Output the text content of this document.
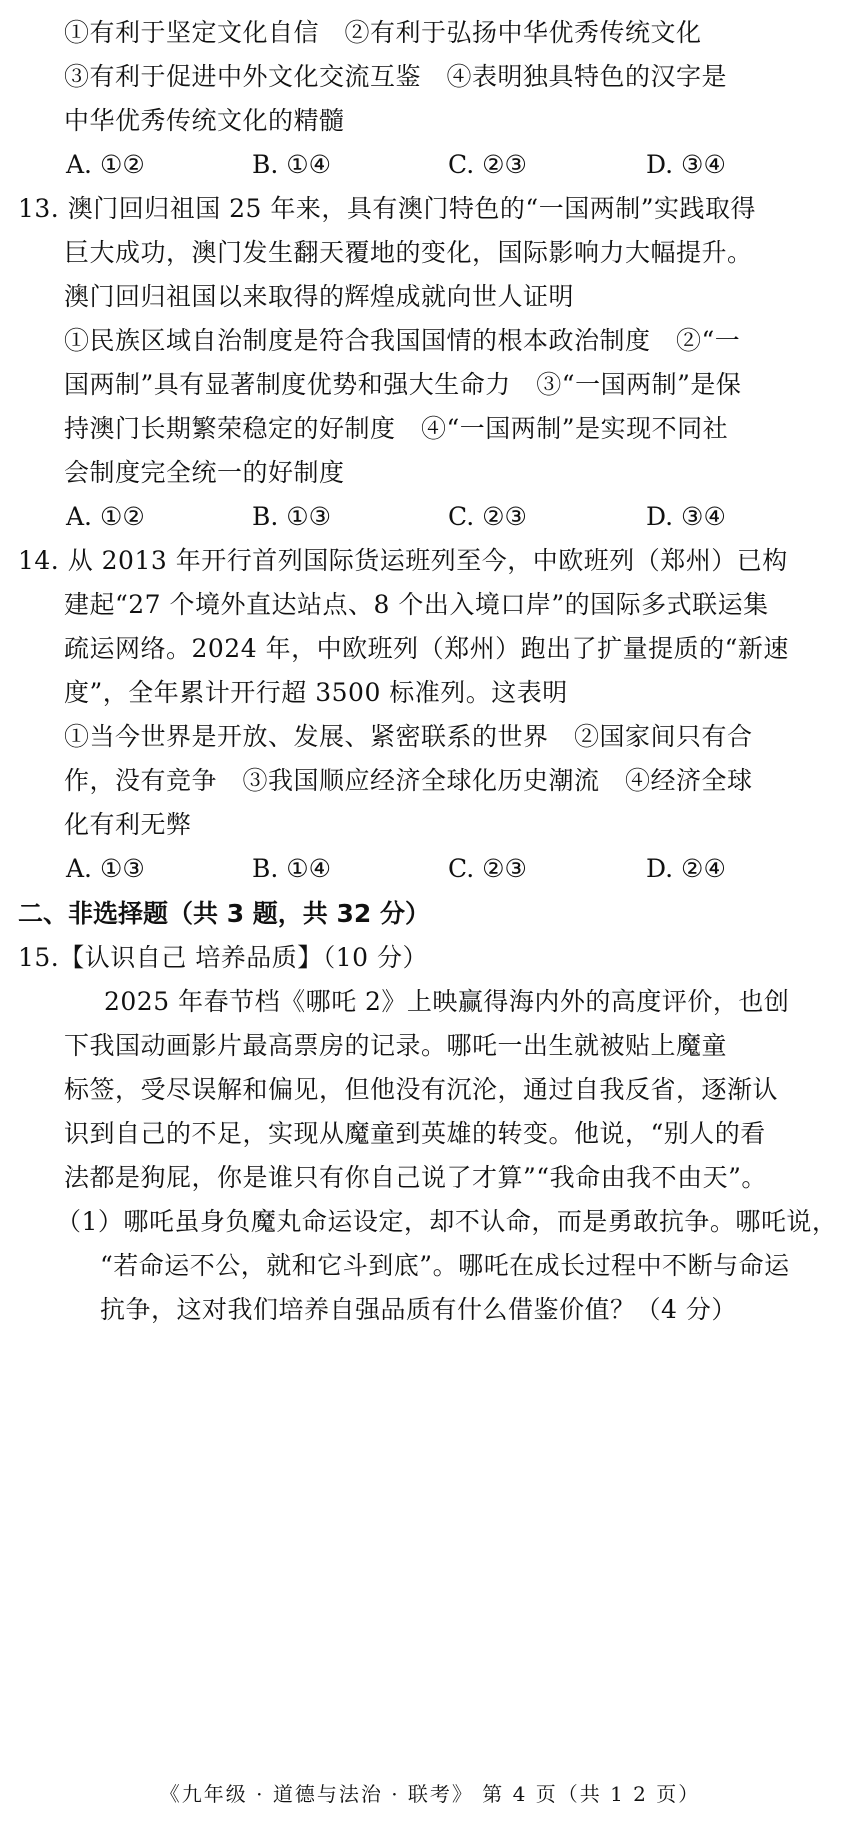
①有利于坚定文化自信　②有利于弘扬中华优秀传统文化
③有利于促进中外文化交流互鉴　④表明独具特色的汉字是
中华优秀传统文化的精髓
A. ①②	B. ①④	C. ②③	D. ③④
13. 澳门回归祖国 25 年来，具有澳门特色的“一国两制”实践取得
巨大成功，澳门发生翻天覆地的变化，国际影响力大幅提升。
澳门回归祖国以来取得的辉煌成就向世人证明
①民族区域自治制度是符合我国国情的根本政治制度　②“一
国两制”具有显著制度优势和强大生命力　③“一国两制”是保
持澳门长期繁荣稳定的好制度　④“一国两制”是实现不同社
会制度完全统一的好制度
A. ①②	B. ①③	C. ②③	D. ③④
14. 从 2013 年开行首列国际货运班列至今，中欧班列（郑州）已构
建起“27 个境外直达站点、8 个出入境口岸”的国际多式联运集
疏运网络。2024 年，中欧班列（郑州）跑出了扩量提质的“新速
度”，全年累计开行超 3500 标准列。这表明
①当今世界是开放、发展、紧密联系的世界　②国家间只有合
作，没有竞争　③我国顺应经济全球化历史潮流　④经济全球
化有利无弊
A. ①③	B. ①④	C. ②③	D. ②④
二、非选择题（共 3 题，共 32 分）
15.【认识自己 培养品质】（10 分）
2025 年春节档《哪吒 2》上映赢得海内外的高度评价，也创
下我国动画影片最高票房的记录。哪吒一出生就被贴上魔童
标签，受尽误解和偏见，但他没有沉沦，通过自我反省，逐渐认
识到自己的不足，实现从魔童到英雄的转变。他说，“别人的看
法都是狗屁，你是谁只有你自己说了才算”“我命由我不由天”。
（1）哪吒虽身负魔丸命运设定，却不认命，而是勇敢抗争。哪吒说，
“若命运不公，就和它斗到底”。哪吒在成长过程中不断与命运
抗争，这对我们培养自强品质有什么借鉴价值？（4 分）
《九年级 · 道德与法治 · 联考》 第 4 页（共 1 2 页）
